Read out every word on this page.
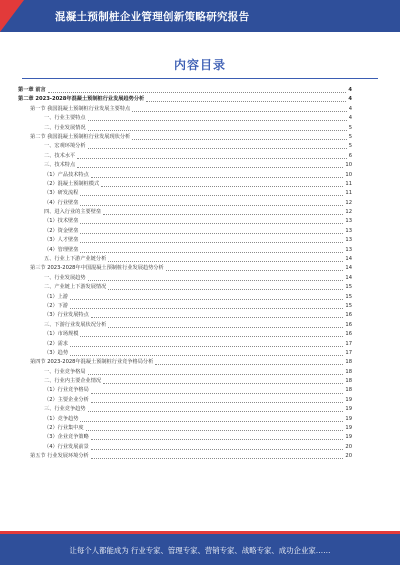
混凝土预制桩企业管理创新策略研究报告
内容目录
第一章 前言	4
第二章 2023-2028年混凝土预制桩行业发展趋势分析	4
第一节 我国混凝土预制桩行业发展主要特点	4
一、行业主要特点	4
二、行业发展情况	5
第二节 我国混凝土预制桩行业发展现状分析	5
一、宏观环境分析	5
二、技术水平	6
三、技术特点	10
（1）产品技术特点	10
（2）混凝土预制桩模式	11
（3）研发流程	11
（4）行业壁垒	12
四、进入行业的主要壁垒	12
（1）技术壁垒	13
（2）资金壁垒	13
（3）人才壁垒	13
（4）管理壁垒	13
五、行业上下游产业链分析	14
第三节 2023-2028年中国混凝土预制桩行业发展趋势分析	14
一、行业发展趋势	14
二、产业链上下游发展情况	15
（1）上游	15
（2）下游	15
（3）行业发展特点	16
三、下游行业发展状况分析	16
（1）市场规模	16
（2）需求	17
（3）趋势	17
第四节 2023-2028年混凝土预制桩行业竞争格局分析	18
一、行业竞争格局	18
二、行业内主要企业情况	18
（1）行业竞争格局	18
（2）主要企业分析	19
三、行业竞争趋势	19
（1）竞争趋势	19
（2）行业集中度	19
（3）企业竞争策略	19
（4）行业发展前景	20
第五节 行业发展环境分析	20
让每个人都能成为 行业专家、管理专家、营销专家、战略专家、成功企业家……
